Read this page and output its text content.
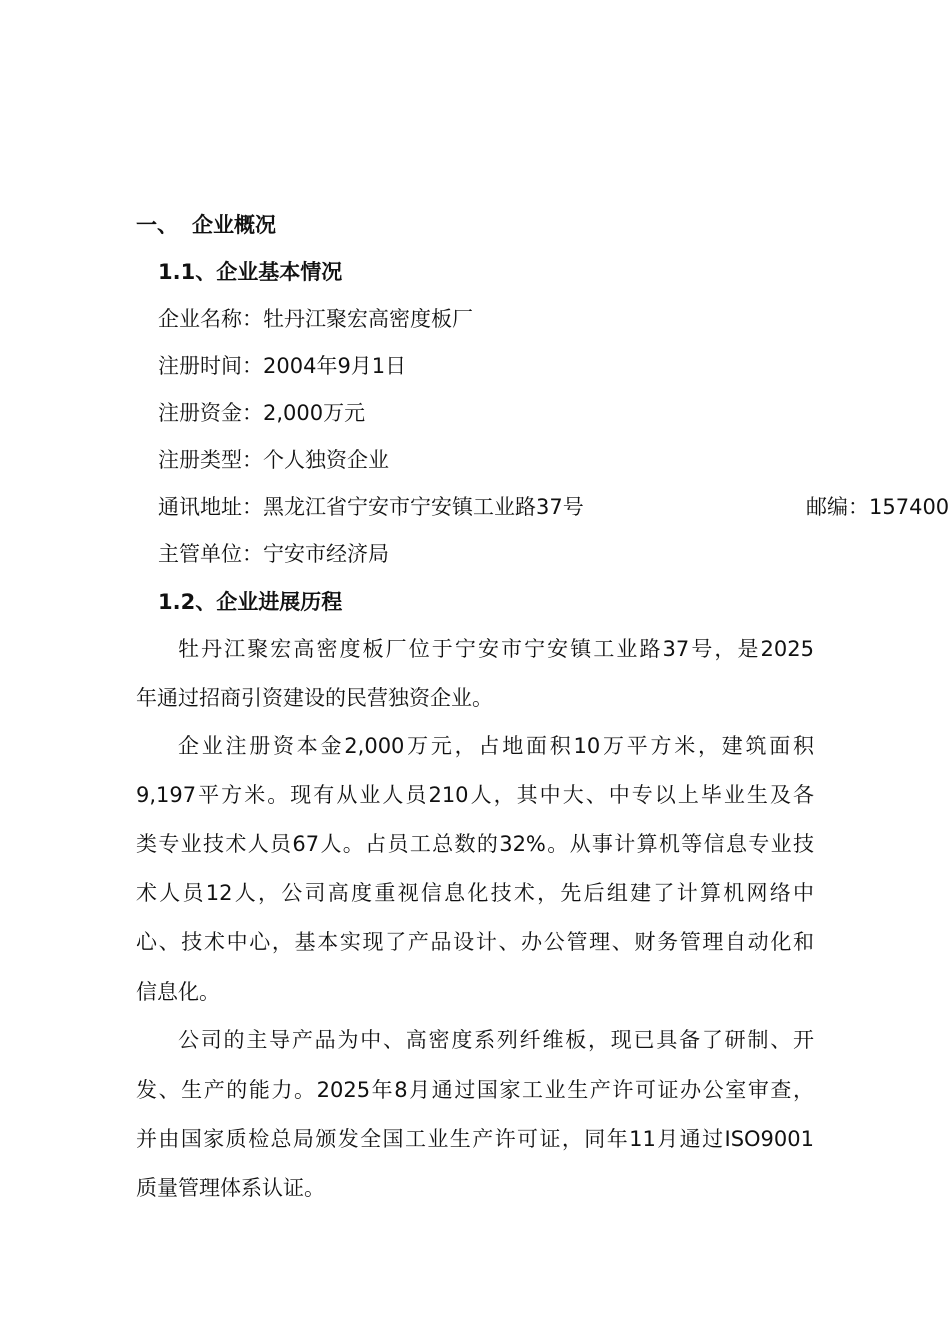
一、 企业概况
1.1、企业基本情况
企业名称：牡丹江聚宏高密度板厂
注册时间：2004年9月1日
注册资金：2,000万元
注册类型：个人独资企业
通讯地址：黑龙江省宁安市宁安镇工业路37号	邮编：157400
主管单位：宁安市经济局
1.2、企业进展历程
牡丹江聚宏高密度板厂位于宁安市宁安镇工业路37号，是2025
年通过招商引资建设的民营独资企业。
企业注册资本金2,000万元，占地面积10万平方米，建筑面积
9,197平方米。现有从业人员210人，其中大、中专以上毕业生及各
类专业技术人员67人。占员工总数的32%。从事计算机等信息专业技
术人员12人，公司高度重视信息化技术，先后组建了计算机网络中
心、技术中心，基本实现了产品设计、办公管理、财务管理自动化和
信息化。
公司的主导产品为中、高密度系列纤维板，现已具备了研制、开
发、生产的能力。2025年8月通过国家工业生产许可证办公室审查，
并由国家质检总局颁发全国工业生产许可证，同年11月通过ISO9001
质量管理体系认证。
